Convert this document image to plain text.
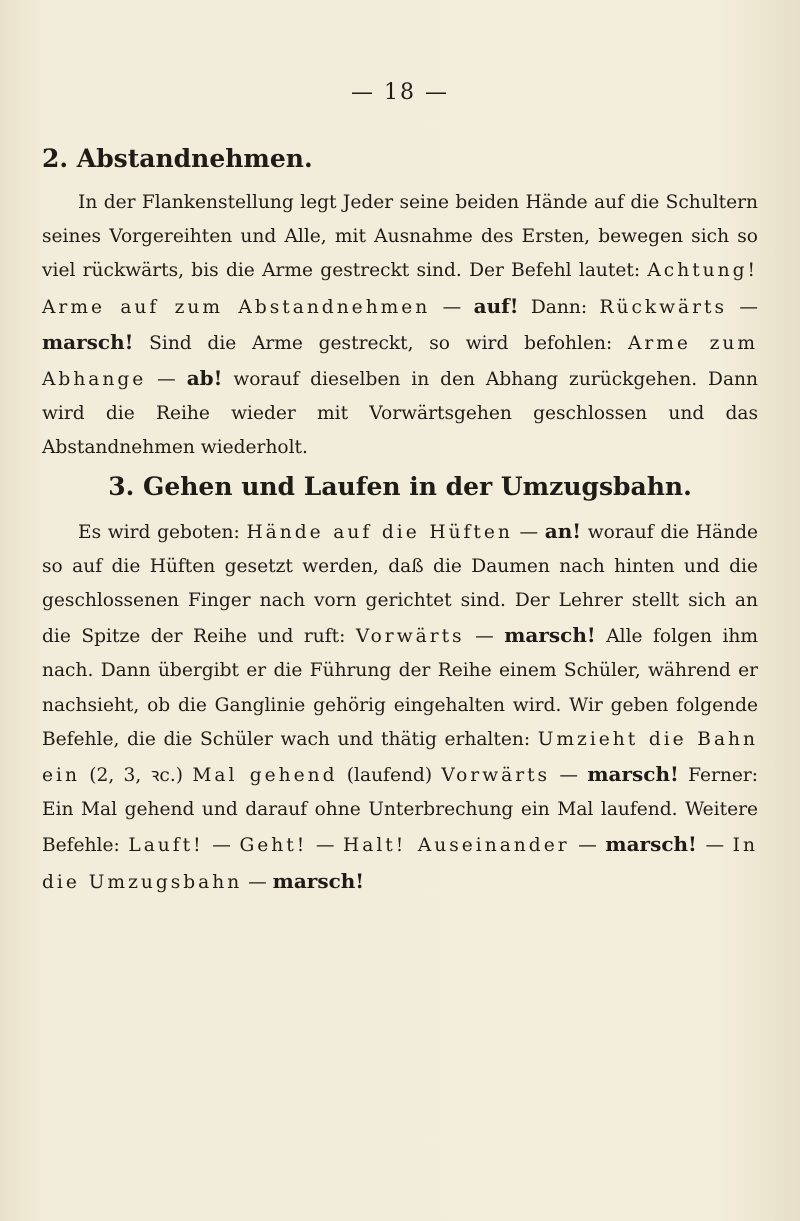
— 18 —
2. Abstandnehmen.

In der Flankenstellung legt Jeder seine beiden Hände auf die Schultern seines Vorgereihten und Alle, mit Ausnahme des Ersten, bewegen sich so viel rückwärts, bis die Arme gestreckt sind. Der Befehl lautet: Achtung! Arme auf zum Abstandnehmen — auf! Dann: Rückwärts — marsch! Sind die Arme gestreckt, so wird befohlen: Arme zum Abhange — ab! worauf dieselben in den Abhang zurückgehen. Dann wird die Reihe wieder mit Vorwärtsgehen geschlossen und das Abstandnehmen wiederholt.

3. Gehen und Laufen in der Umzugsbahn.

Es wird geboten: Hände auf die Hüften — an! worauf die Hände so auf die Hüften gesetzt werden, daß die Daumen nach hinten und die geschlossenen Finger nach vorn gerichtet sind. Der Lehrer stellt sich an die Spitze der Reihe und ruft: Vorwärts — marsch! Alle folgen ihm nach. Dann übergibt er die Führung der Reihe einem Schüler, während er nachsieht, ob die Ganglinie gehörig eingehalten wird. Wir geben folgende Befehle, die die Schüler wach und thätig erhalten: Umzieht die Bahn ein (2, 3, ꝛc.) Mal gehend (laufend) Vorwärts — marsch! Ferner: Ein Mal gehend und darauf ohne Unterbrechung ein Mal laufend. Weitere Befehle: Lauft! — Geht! — Halt! Auseinander — marsch! — In die Umzugsbahn — marsch!
